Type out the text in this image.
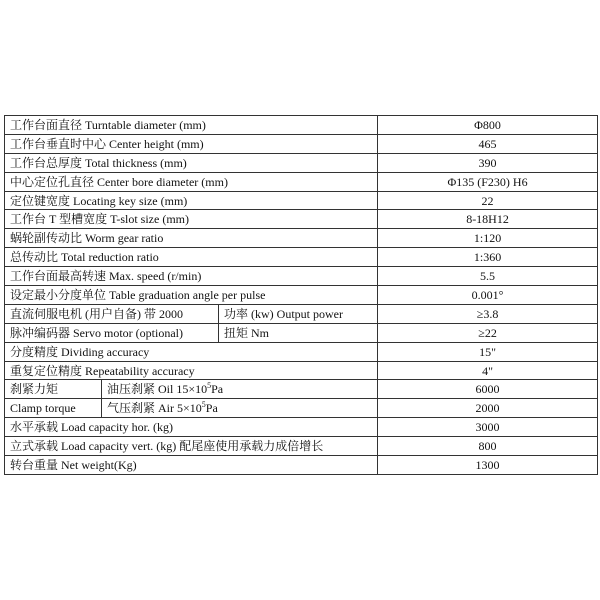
工作台面直径 Turntable diameter (mm)			Φ800
工作台垂直时中心 Center height (mm)			465
工作台总厚度 Total thickness (mm)			390
中心定位孔直径 Center bore diameter (mm)			Φ135 (F230) H6
定位键宽度 Locating key size (mm)			22
工作台 T 型槽宽度 T-slot size (mm)			8-18H12
蜗轮副传动比 Worm gear ratio			1:120
总传动比 Total reduction ratio			1:360
工作台面最高转速 Max. speed (r/min)			5.5
设定最小分度单位 Table graduation angle per pulse			0.001°
直流伺服电机 (用户自备) 带 2000		功率 (kw) Output power	≥3.8
脉冲编码器 Servo motor (optional)		扭矩 Nm	≥22
分度精度 Dividing accuracy			15"
重复定位精度 Repeatability accuracy			4"
刹紧力矩	油压刹紧 Oil $15\times 10^5Pa$		6000
Clamp torque	气压刹紧 Air $5\times 10^5Pa$		2000
水平承载 Load capacity hor. (kg)			3000
立式承载 Load capacity vert. (kg) 配尾座使用承载力成倍增长			800
转台重量 Net weight(Kg)			1300
